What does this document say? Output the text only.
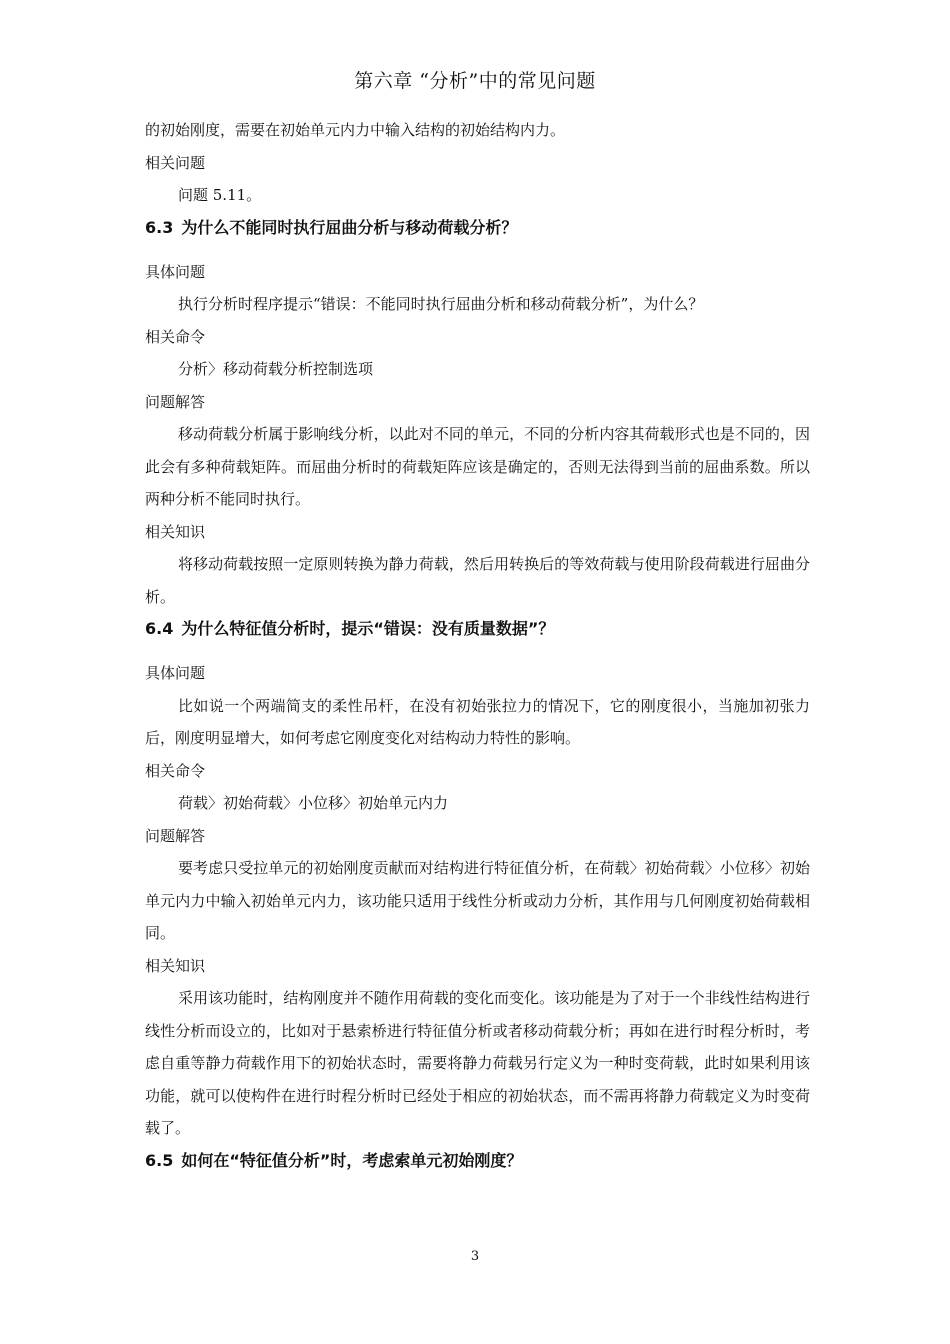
第六章 “分析”中的常见问题

的初始刚度，需要在初始单元内力中输入结构的初始结构内力。

相关问题

问题 5.11。

6.3 为什么不能同时执行屈曲分析与移动荷载分析？

具体问题

执行分析时程序提示“错误：不能同时执行屈曲分析和移动荷载分析”，为什么？

相关命令

分析〉移动荷载分析控制选项

问题解答

移动荷载分析属于影响线分析，以此对不同的单元，不同的分析内容其荷载形式也是不同的，因此会有多种荷载矩阵。而屈曲分析时的荷载矩阵应该是确定的，否则无法得到当前的屈曲系数。所以两种分析不能同时执行。

相关知识

将移动荷载按照一定原则转换为静力荷载，然后用转换后的等效荷载与使用阶段荷载进行屈曲分析。

6.4 为什么特征值分析时，提示“错误：没有质量数据”？

具体问题

比如说一个两端简支的柔性吊杆，在没有初始张拉力的情况下，它的刚度很小，当施加初张力后，刚度明显增大，如何考虑它刚度变化对结构动力特性的影响。

相关命令

荷载〉初始荷载〉小位移〉初始单元内力

问题解答

要考虑只受拉单元的初始刚度贡献而对结构进行特征值分析，在荷载〉初始荷载〉小位移〉初始单元内力中输入初始单元内力，该功能只适用于线性分析或动力分析，其作用与几何刚度初始荷载相同。

相关知识

采用该功能时，结构刚度并不随作用荷载的变化而变化。该功能是为了对于一个非线性结构进行线性分析而设立的，比如对于悬索桥进行特征值分析或者移动荷载分析；再如在进行时程分析时，考虑自重等静力荷载作用下的初始状态时，需要将静力荷载另行定义为一种时变荷载，此时如果利用该功能，就可以使构件在进行时程分析时已经处于相应的初始状态，而不需再将静力荷载定义为时变荷载了。

6.5 如何在“特征值分析”时，考虑索单元初始刚度？
3
